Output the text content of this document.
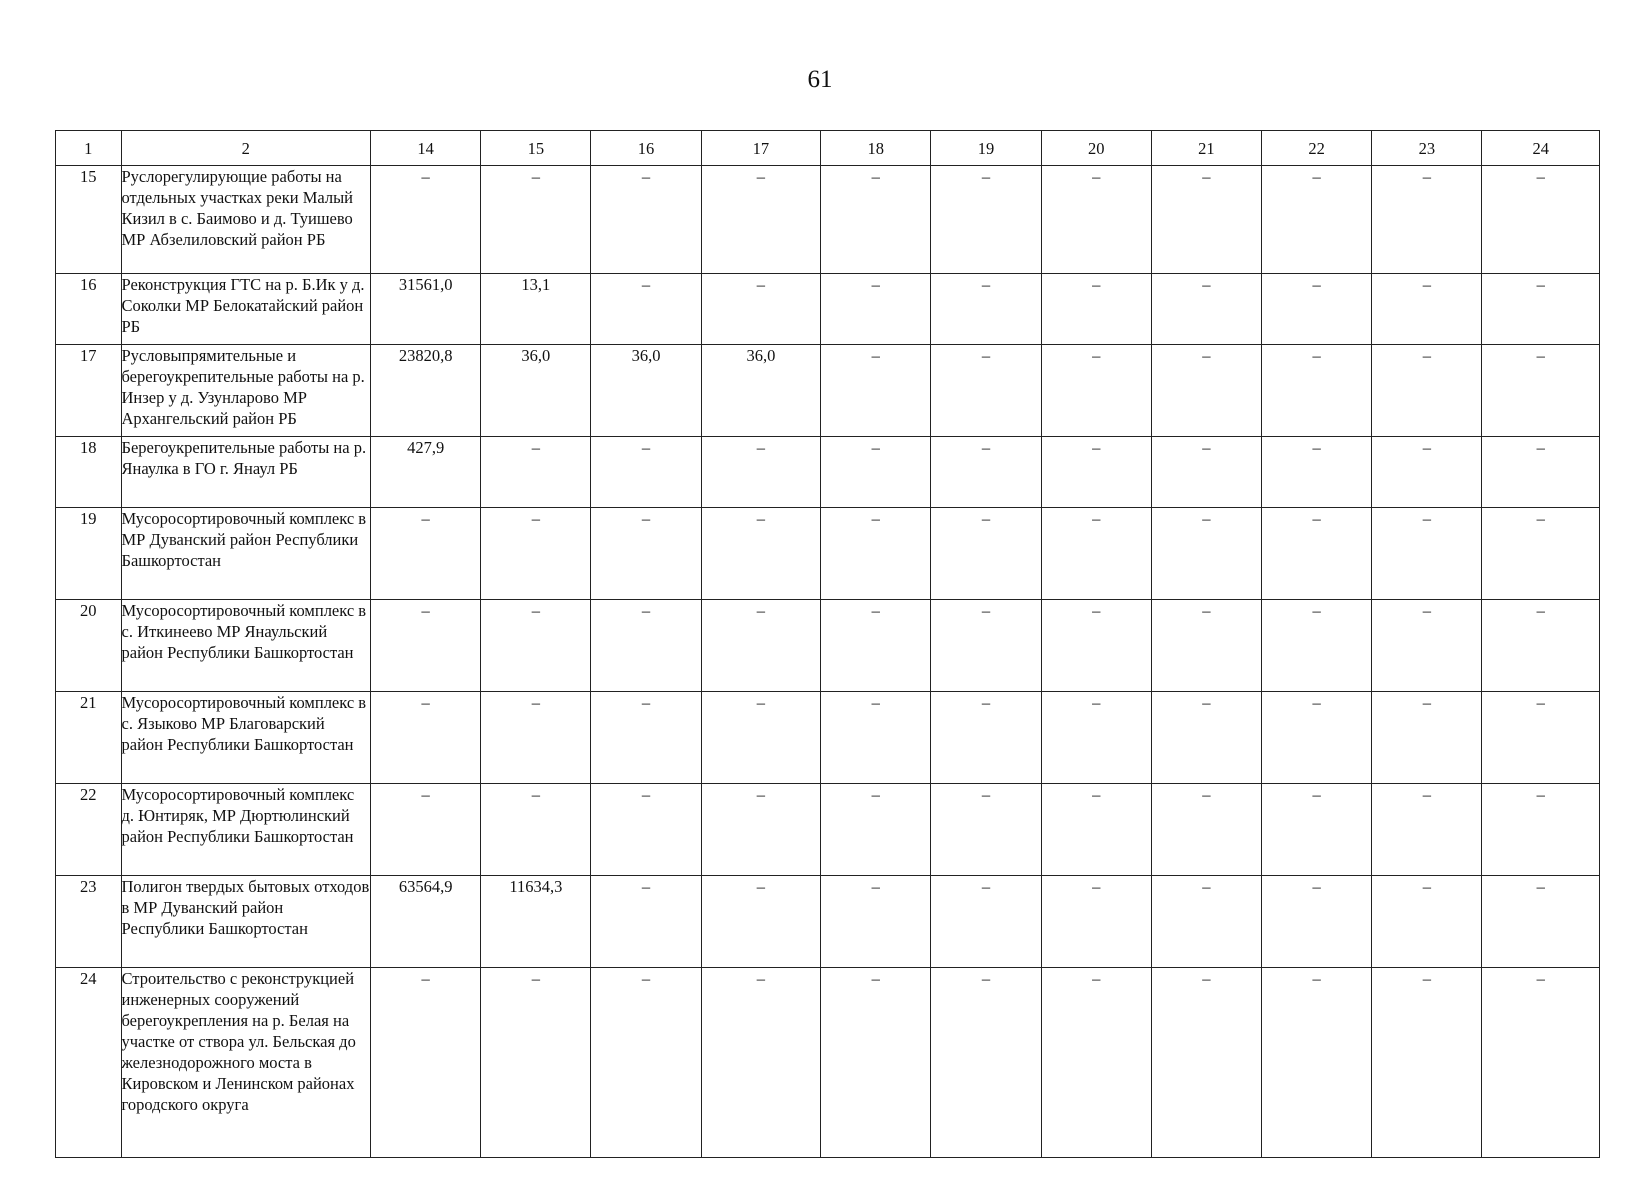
61
1	2	14	15	16	17	18	19	20	21	22	23	24
15	Руслорегулирующие работы на отдельных участках реки Малый Кизил в с. Баимово и д. Туишево МР Абзелиловский район РБ	–	–	–	–	–	–	–	–	–	–	–
16	Реконструкция ГТС на р. Б.Ик у д. Соколки МР Белокатайский район РБ	31561,0	13,1	–	–	–	–	–	–	–	–	–
17	Русловыпрямительные и берегоукрепительные работы на р. Инзер у д. Узунларово МР Архангельский район РБ	23820,8	36,0	36,0	36,0	–	–	–	–	–	–	–
18	Берегоукрепительные работы на р. Янаулка в ГО г. Янаул РБ	427,9	–	–	–	–	–	–	–	–	–	–
19	Мусоросортировочный комплекс в МР Дуванский район Республики Башкортостан	–	–	–	–	–	–	–	–	–	–	–
20	Мусоросортировочный комплекс в с. Иткинеево МР Янаульский район Республики Башкортостан	–	–	–	–	–	–	–	–	–	–	–
21	Мусоросортировочный комплекс в с. Языково МР Благоварский район Республики Башкортостан	–	–	–	–	–	–	–	–	–	–	–
22	Мусоросортировочный комплекс д. Юнтиряк, МР Дюртюлинский район Республики Башкортостан	–	–	–	–	–	–	–	–	–	–	–
23	Полигон твердых бытовых отходов в МР Дуванский район Республики Башкортостан	63564,9	11634,3	–	–	–	–	–	–	–	–	–
24	Строительство с реконструкцией инженерных сооружений берегоукрепления на р. Белая на участке от створа ул. Бельская до железнодорожного моста в Кировском и Ленинском районах городского округа	–	–	–	–	–	–	–	–	–	–	–
